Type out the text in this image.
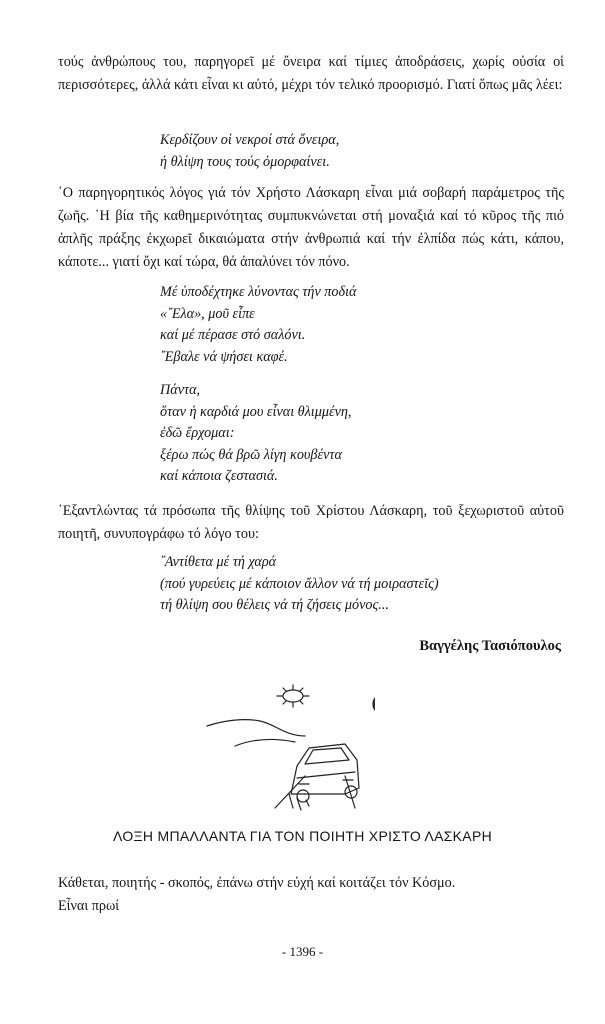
τούς ἀνθρώπους του, παρηγορεῖ μέ ὄνειρα καί τίμιες ἀποδράσεις, χωρίς οὐσία οἱ περισσότερες, ἀλλά κάτι εἶναι κι αὐτό, μέχρι τόν τελικό προορισμό. Γιατί ὅπως μᾶς λέει:

Κερδίζουν οἱ νεκροί στά ὄνειρα,
ἡ θλίψη τους τούς ὀμορφαίνει.

῾Ο παρηγορητικός λόγος γιά τόν Χρήστο Λάσκαρη εἶναι μιά σοβαρή παράμετρος τῆς ζωῆς. ῾Η βία τῆς καθημερινότητας συμπυκνώνεται στή μοναξιά καί τό κῦρος τῆς πιό ἁπλῆς πράξης ἐκχωρεῖ δικαιώματα στήν ἀνθρωπιά καί τήν ἐλπίδα πώς κάτι, κάπου, κάποτε... γιατί ὄχι καί τώρα, θά ἀπαλύνει τόν πόνο.

Μέ ὑποδέχτηκε λύνοντας τήν ποδιά
«῎Ελα», μοῦ εἶπε
καί μέ πέρασε στό σαλόνι.
῎Εβαλε νά ψήσει καφέ.
Πάντα,
ὅταν ἡ καρδιά μου εἶναι θλιμμένη,
ἐδῶ ἔρχομαι:
ξέρω πώς θά βρῶ λίγη κουβέντα
καί κάποια ζεστασιά.

᾿Εξαντλώντας τά πρόσωπα τῆς θλίψης τοῦ Χρίστου Λάσκαρη, τοῦ ξεχωριστοῦ αὐτοῦ ποιητῆ, συνυπογράφω τό λόγο του:

῎Αντίθετα μέ τή χαρά
(πού γυρεύεις μέ κάποιον ἄλλον νά τή μοιραστεῖς)
τή θλίψη σου θέλεις νά τή ζήσεις μόνος...
Βαγγέλης Τασιόπουλος
ΛΟΞΗ ΜΠΑΛΛΑΝΤΑ ΓΙΑ ΤΟΝ ΠΟΙΗΤΗ ΧΡΙΣΤΟ ΛΑΣΚΑΡΗ
Κάθεται, ποιητής - σκοπός, ἐπάνω στήν εὐχή καί κοιτάζει τόν Κόσμο.
Εἶναι πρωί
- 1396 -
